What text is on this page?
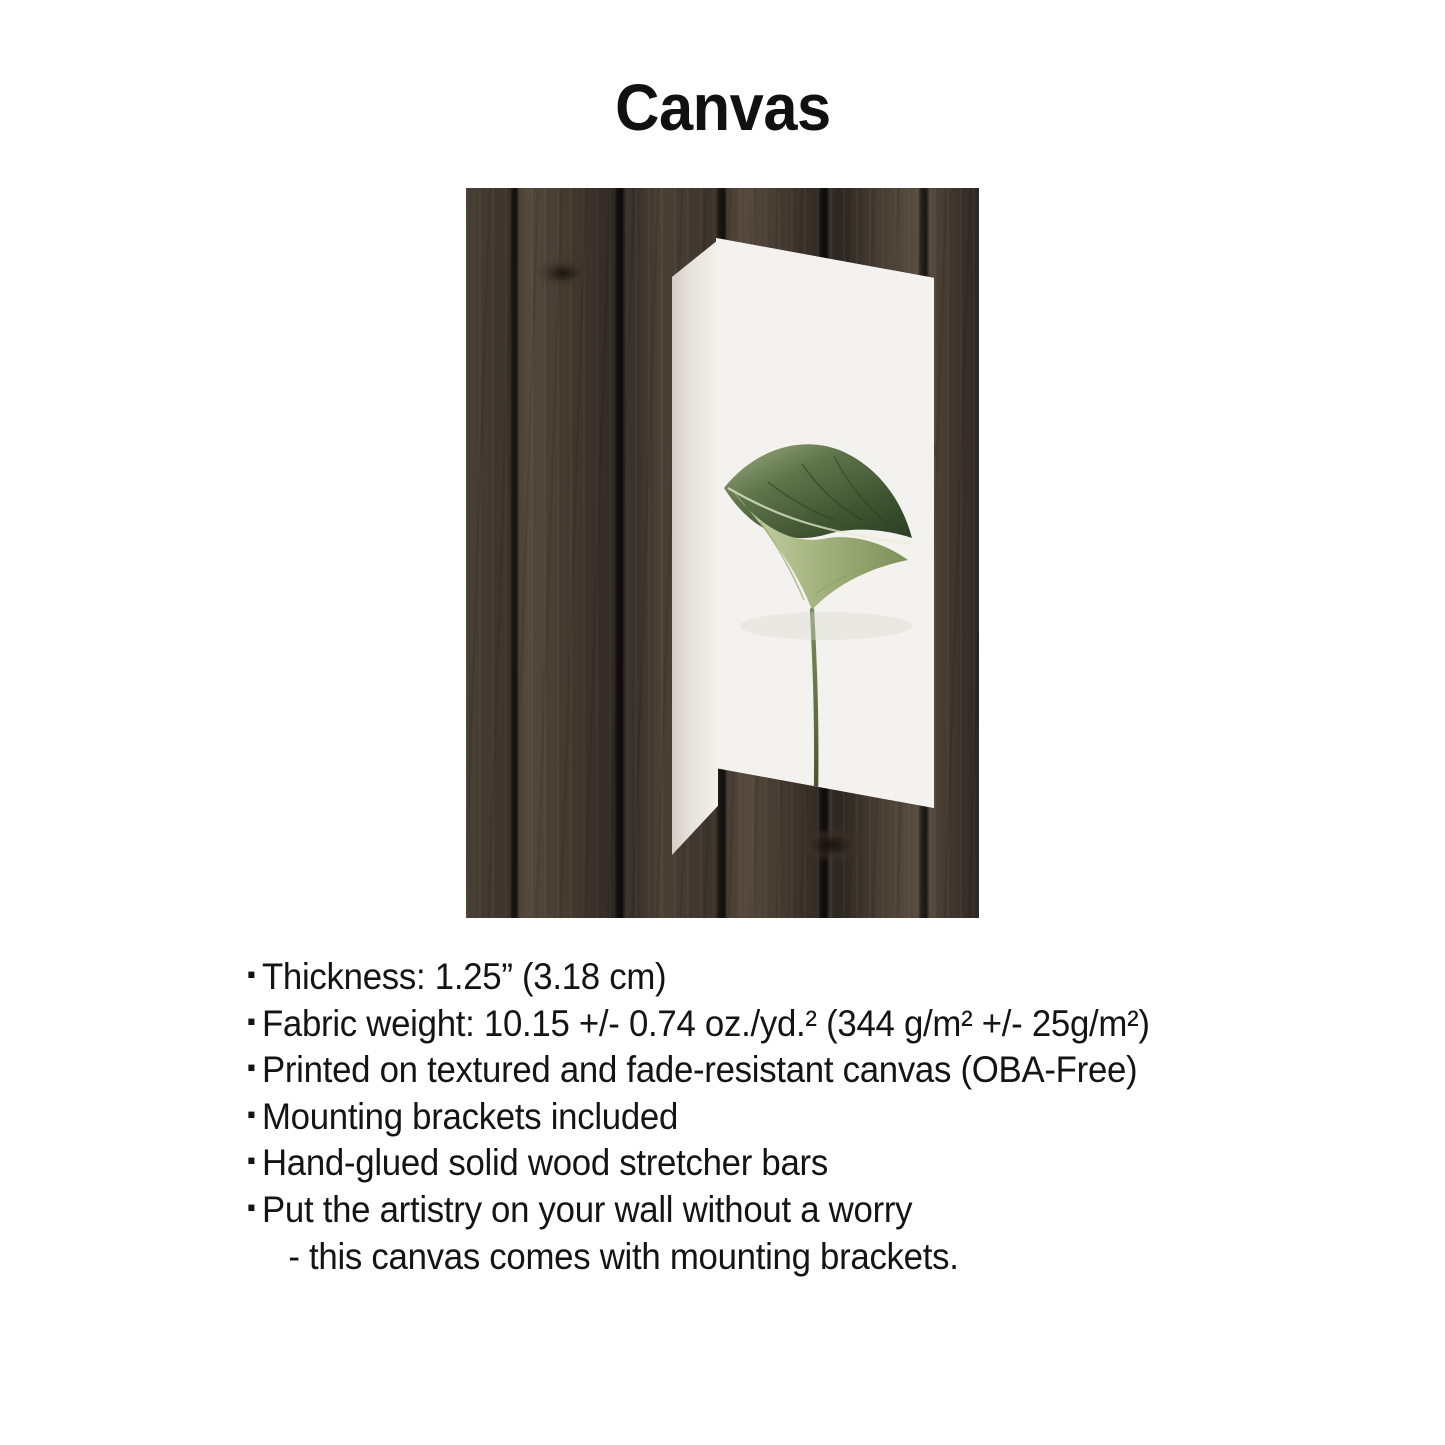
Canvas
▪ Thickness: 1.25” (3.18 cm)
▪ Fabric weight: 10.15 +/- 0.74 oz./yd.² (344 g/m² +/- 25g/m²)
▪ Printed on textured and fade-resistant canvas (OBA-Free)
▪ Mounting brackets included
▪ Hand-glued solid wood stretcher bars
▪ Put the artistry on your wall without a worry
- this canvas comes with mounting brackets.
